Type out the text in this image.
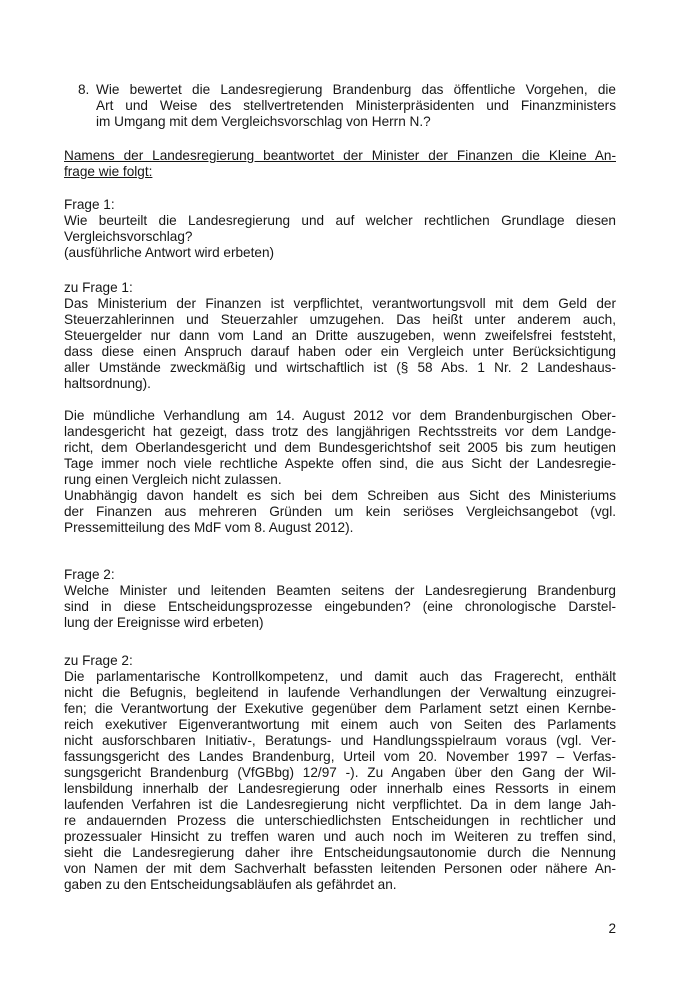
8. Wie bewertet die Landesregierung Brandenburg das öffentliche Vorgehen, die
Art und Weise des stellvertretenden Ministerpräsidenten und Finanzministers
im Umgang mit dem Vergleichsvorschlag von Herrn N.?
Namens der Landesregierung beantwortet der Minister der Finanzen die Kleine An-
frage wie folgt:
Frage 1:
Wie beurteilt die Landesregierung und auf welcher rechtlichen Grundlage diesen
Vergleichsvorschlag?
(ausführliche Antwort wird erbeten)
zu Frage 1:
Das Ministerium der Finanzen ist verpflichtet, verantwortungsvoll mit dem Geld der
Steuerzahlerinnen und Steuerzahler umzugehen. Das heißt unter anderem auch,
Steuergelder nur dann vom Land an Dritte auszugeben, wenn zweifelsfrei feststeht,
dass diese einen Anspruch darauf haben oder ein Vergleich unter Berücksichtigung
aller Umstände zweckmäßig und wirtschaftlich ist (§ 58 Abs. 1 Nr. 2 Landeshaus-
haltsordnung).
Die mündliche Verhandlung am 14. August 2012 vor dem Brandenburgischen Ober-
landesgericht hat gezeigt, dass trotz des langjährigen Rechtsstreits vor dem Landge-
richt, dem Oberlandesgericht und dem Bundesgerichtshof seit 2005 bis zum heutigen
Tage immer noch viele rechtliche Aspekte offen sind, die aus Sicht der Landesregie-
rung einen Vergleich nicht zulassen.
Unabhängig davon handelt es sich bei dem Schreiben aus Sicht des Ministeriums
der Finanzen aus mehreren Gründen um kein seriöses Vergleichsangebot (vgl.
Pressemitteilung des MdF vom 8. August 2012).
Frage 2:
Welche Minister und leitenden Beamten seitens der Landesregierung Brandenburg
sind in diese Entscheidungsprozesse eingebunden? (eine chronologische Darstel-
lung der Ereignisse wird erbeten)
zu Frage 2:
Die parlamentarische Kontrollkompetenz, und damit auch das Fragerecht, enthält
nicht die Befugnis, begleitend in laufende Verhandlungen der Verwaltung einzugrei-
fen; die Verantwortung der Exekutive gegenüber dem Parlament setzt einen Kernbe-
reich exekutiver Eigenverantwortung mit einem auch von Seiten des Parlaments
nicht ausforschbaren Initiativ-, Beratungs- und Handlungsspielraum voraus (vgl. Ver-
fassungsgericht des Landes Brandenburg, Urteil vom 20. November 1997 – Verfas-
sungsgericht Brandenburg (VfGBbg) 12/97 -). Zu Angaben über den Gang der Wil-
lensbildung innerhalb der Landesregierung oder innerhalb eines Ressorts in einem
laufenden Verfahren ist die Landesregierung nicht verpflichtet. Da in dem lange Jah-
re andauernden Prozess die unterschiedlichsten Entscheidungen in rechtlicher und
prozessualer Hinsicht zu treffen waren und auch noch im Weiteren zu treffen sind,
sieht die Landesregierung daher ihre Entscheidungsautonomie durch die Nennung
von Namen der mit dem Sachverhalt befassten leitenden Personen oder nähere An-
gaben zu den Entscheidungsabläufen als gefährdet an.
2
